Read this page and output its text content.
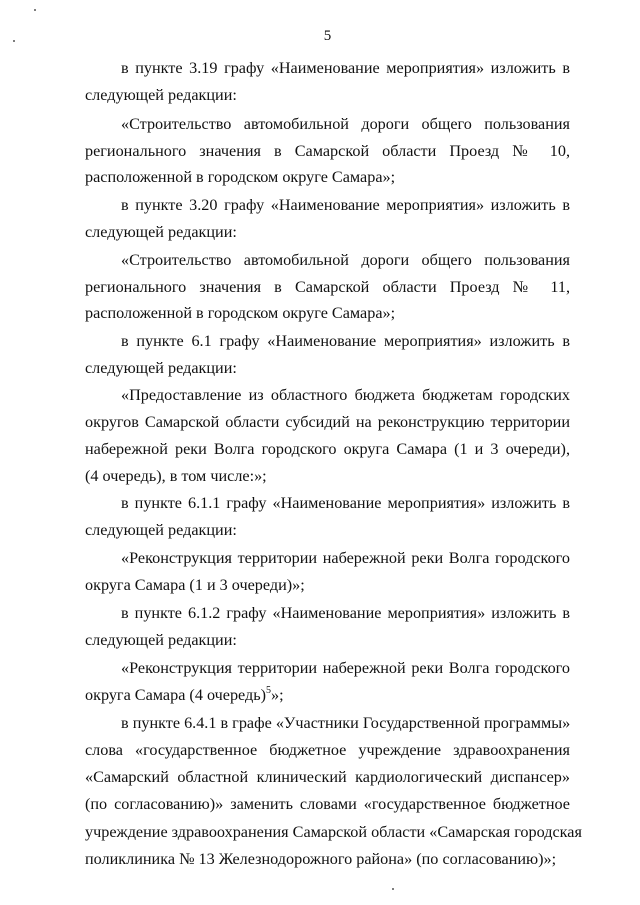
5
в пункте 3.19 графу «Наименование мероприятия» изложить в
следующей редакции:
«Строительство автомобильной дороги общего пользования
регионального значения в Самарской области Проезд № 10,
расположенной в городском округе Самара»;
в пункте 3.20 графу «Наименование мероприятия» изложить в
следующей редакции:
«Строительство автомобильной дороги общего пользования
регионального значения в Самарской области Проезд № 11,
расположенной в городском округе Самара»;
в пункте 6.1 графу «Наименование мероприятия» изложить в
следующей редакции:
«Предоставление из областного бюджета бюджетам городских
округов Самарской области субсидий на реконструкцию территории
набережной реки Волга городского округа Самара (1 и 3 очереди),
(4 очередь), в том числе:»;
в пункте 6.1.1 графу «Наименование мероприятия» изложить в
следующей редакции:
«Реконструкция территории набережной реки Волга городского
округа Самара (1 и 3 очереди)»;
в пункте 6.1.2 графу «Наименование мероприятия» изложить в
следующей редакции:
«Реконструкция территории набережной реки Волга городского
округа Самара (4 очередь)$^5$»;
в пункте 6.4.1 в графе «Участники Государственной программы»
слова «государственное бюджетное учреждение здравоохранения
«Самарский областной клинический кардиологический диспансер»
(по согласованию)» заменить словами «государственное бюджетное
учреждение здравоохранения Самарской области «Самарская городская
поликлиника № 13 Железнодорожного района» (по согласованию)»;
